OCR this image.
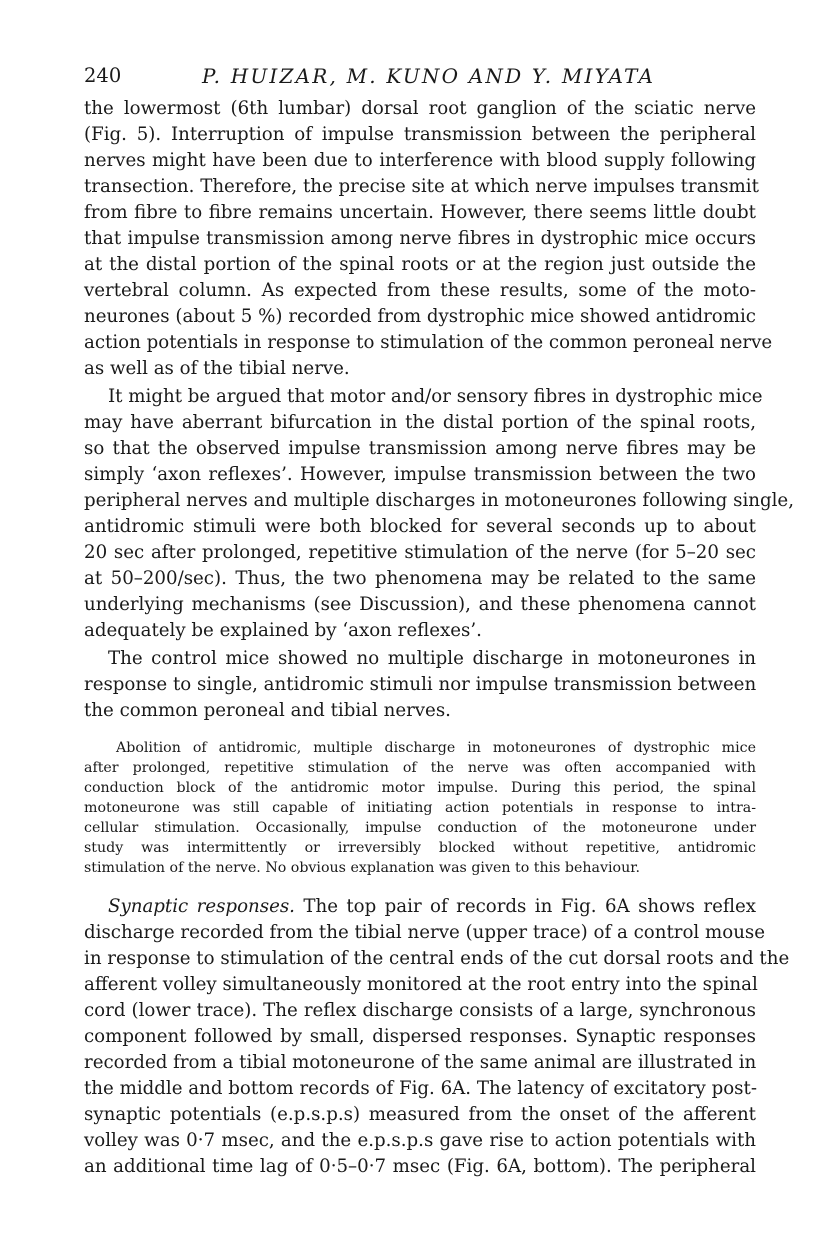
240	P. HUIZAR, M. KUNO AND Y. MIYATA
the lowermost (6th lumbar) dorsal root ganglion of the sciatic nerve
(Fig. 5). Interruption of impulse transmission between the peripheral
nerves might have been due to interference with blood supply following
transection. Therefore, the precise site at which nerve impulses transmit
from fibre to fibre remains uncertain. However, there seems little doubt
that impulse transmission among nerve fibres in dystrophic mice occurs
at the distal portion of the spinal roots or at the region just outside the
vertebral column. As expected from these results, some of the moto-
neurones (about 5 %) recorded from dystrophic mice showed antidromic
action potentials in response to stimulation of the common peroneal nerve
as well as of the tibial nerve.
It might be argued that motor and/or sensory fibres in dystrophic mice
may have aberrant bifurcation in the distal portion of the spinal roots,
so that the observed impulse transmission among nerve fibres may be
simply ‘axon reflexes’. However, impulse transmission between the two
peripheral nerves and multiple discharges in motoneurones following single,
antidromic stimuli were both blocked for several seconds up to about
20 sec after prolonged, repetitive stimulation of the nerve (for 5–20 sec
at 50–200/sec). Thus, the two phenomena may be related to the same
underlying mechanisms (see Discussion), and these phenomena cannot
adequately be explained by ‘axon reflexes’.
The control mice showed no multiple discharge in motoneurones in
response to single, antidromic stimuli nor impulse transmission between
the common peroneal and tibial nerves.
Abolition of antidromic, multiple discharge in motoneurones of dystrophic mice
after prolonged, repetitive stimulation of the nerve was often accompanied with
conduction block of the antidromic motor impulse. During this period, the spinal
motoneurone was still capable of initiating action potentials in response to intra-
cellular stimulation. Occasionally, impulse conduction of the motoneurone under
study was intermittently or irreversibly blocked without repetitive, antidromic
stimulation of the nerve. No obvious explanation was given to this behaviour.
Synaptic responses. The top pair of records in Fig. 6A shows reflex
discharge recorded from the tibial nerve (upper trace) of a control mouse
in response to stimulation of the central ends of the cut dorsal roots and the
afferent volley simultaneously monitored at the root entry into the spinal
cord (lower trace). The reflex discharge consists of a large, synchronous
component followed by small, dispersed responses. Synaptic responses
recorded from a tibial motoneurone of the same animal are illustrated in
the middle and bottom records of Fig. 6A. The latency of excitatory post-
synaptic potentials (e.p.s.p.s) measured from the onset of the afferent
volley was 0·7 msec, and the e.p.s.p.s gave rise to action potentials with
an additional time lag of 0·5–0·7 msec (Fig. 6A, bottom). The peripheral
